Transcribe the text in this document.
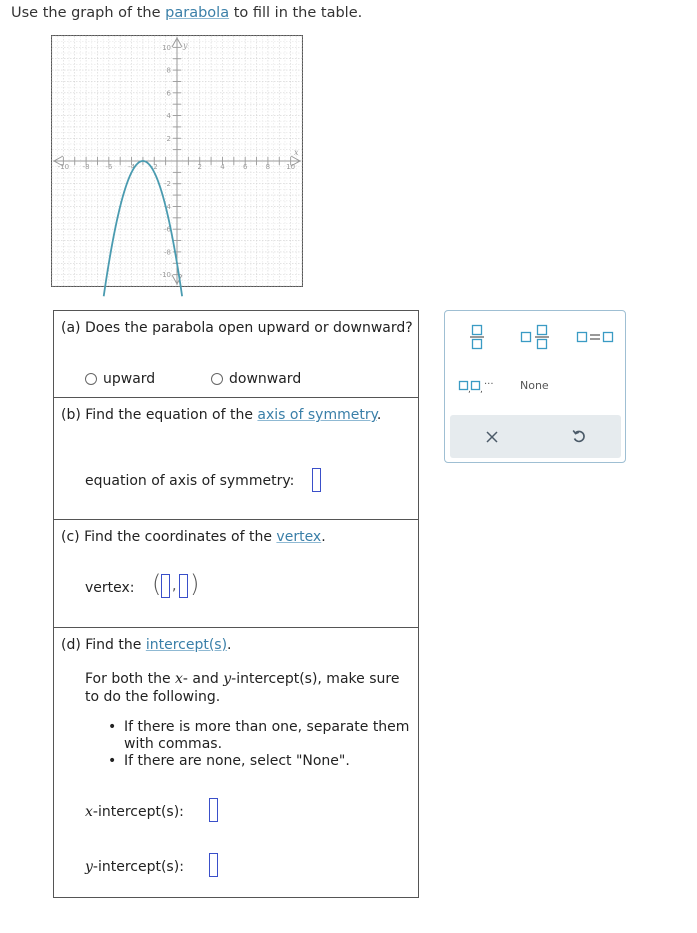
Use the graph of the parabola to fill in the table.
-10 -8 -6 -4 -2	2	4	6	8 10
10
8
6
4
2
-2
-4
-6
-8
-10
x
y
(a) Does the parabola open upward or downward?
upward	downward
(b) Find the equation of the axis of symmetry.
equation of axis of symmetry:
(c) Find the coordinates of the vertex.
vertex: ( , )
(d) Find the intercept(s).
For both the x- and y-intercept(s), make sure
to do the following.
• If there is more than one, separate them with commas.
• If there are none, select "None".
x-intercept(s):
y-intercept(s):
, ,
... None
